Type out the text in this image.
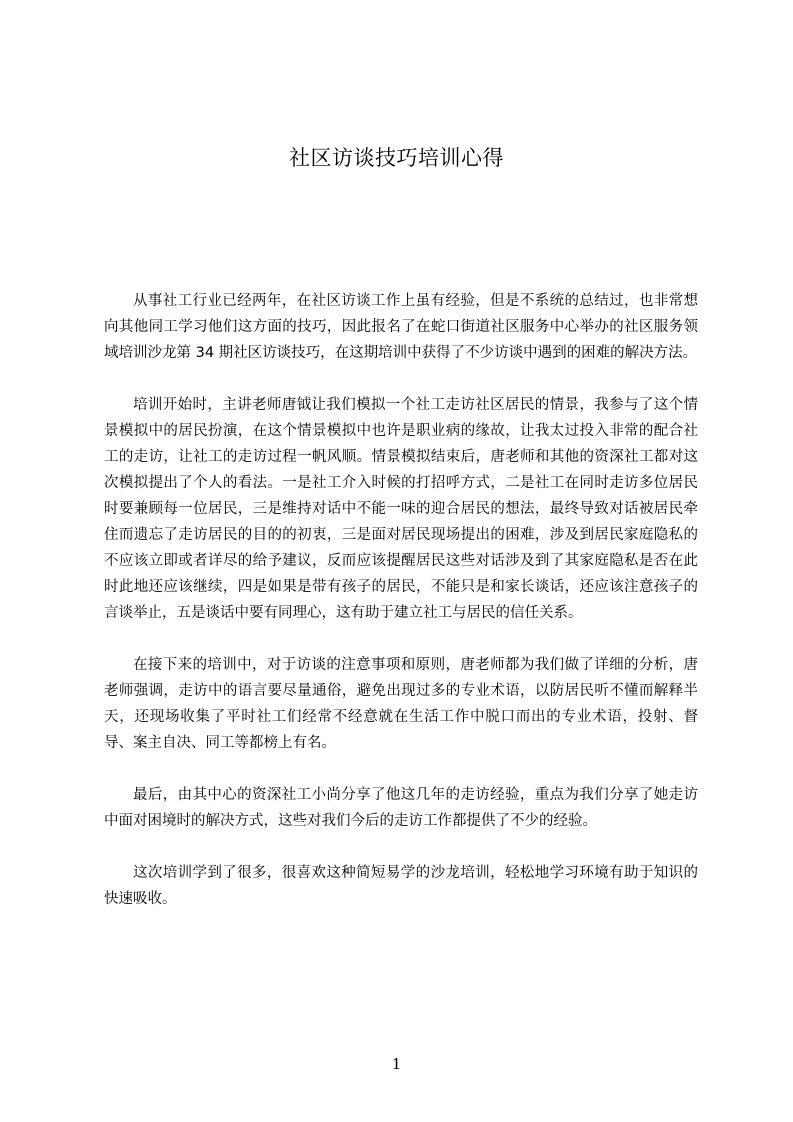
社区访谈技巧培训心得

从事社工行业已经两年，在社区访谈工作上虽有经验，但是不系统的总结过，也非常想向其他同工学习他们这方面的技巧，因此报名了在蛇口街道社区服务中心举办的社区服务领域培训沙龙第 34 期社区访谈技巧，在这期培训中获得了不少访谈中遇到的困难的解决方法。

培训开始时，主讲老师唐钺让我们模拟一个社工走访社区居民的情景，我参与了这个情景模拟中的居民扮演，在这个情景模拟中也许是职业病的缘故，让我太过投入非常的配合社工的走访，让社工的走访过程一帆风顺。情景模拟结束后，唐老师和其他的资深社工都对这次模拟提出了个人的看法。一是社工介入时候的打招呼方式，二是社工在同时走访多位居民时要兼顾每一位居民，三是维持对话中不能一味的迎合居民的想法，最终导致对话被居民牵住而遗忘了走访居民的目的的初衷，三是面对居民现场提出的困难，涉及到居民家庭隐私的不应该立即或者详尽的给予建议，反而应该提醒居民这些对话涉及到了其家庭隐私是否在此时此地还应该继续，四是如果是带有孩子的居民，不能只是和家长谈话，还应该注意孩子的言谈举止，五是谈话中要有同理心，这有助于建立社工与居民的信任关系。

在接下来的培训中，对于访谈的注意事项和原则，唐老师都为我们做了详细的分析，唐老师强调，走访中的语言要尽量通俗，避免出现过多的专业术语，以防居民听不懂而解释半天，还现场收集了平时社工们经常不经意就在生活工作中脱口而出的专业术语，投射、督导、案主自决、同工等都榜上有名。

最后，由其中心的资深社工小尚分享了他这几年的走访经验，重点为我们分享了她走访中面对困境时的解决方式，这些对我们今后的走访工作都提供了不少的经验。

这次培训学到了很多，很喜欢这种简短易学的沙龙培训，轻松地学习环境有助于知识的快速吸收。

1
